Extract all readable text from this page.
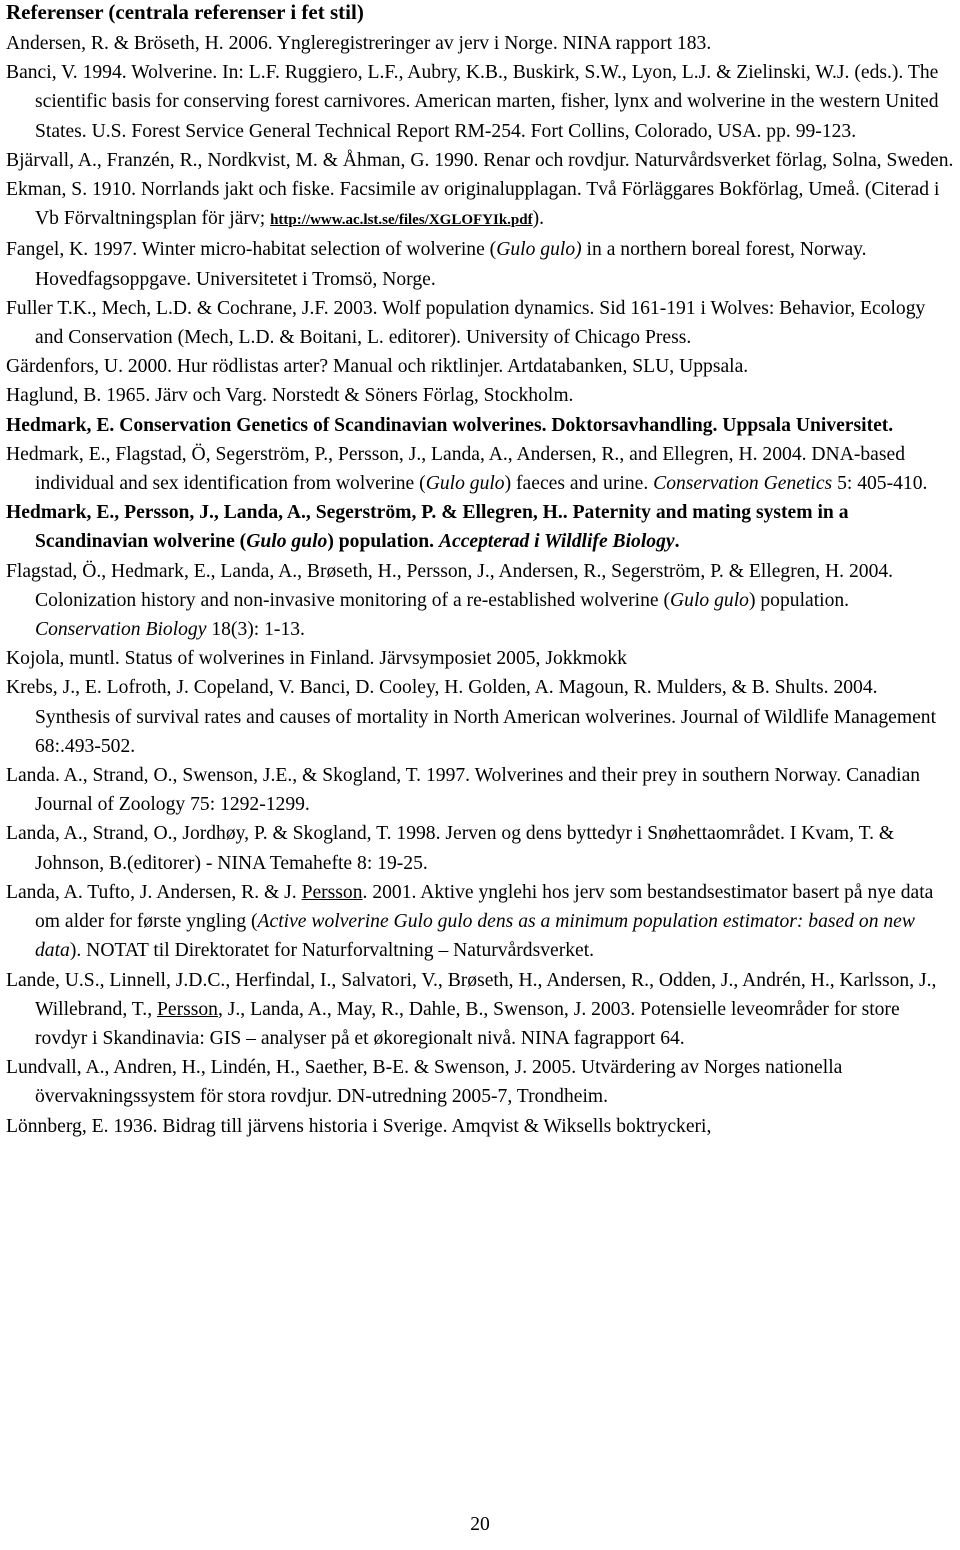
Referenser (centrala referenser i fet stil)

Andersen, R. & Bröseth, H. 2006. Yngleregistreringer av jerv i Norge. NINA rapport 183.

Banci, V. 1994. Wolverine. In: L.F. Ruggiero, L.F., Aubry, K.B., Buskirk, S.W., Lyon, L.J. & Zielinski, W.J. (eds.). The scientific basis for conserving forest carnivores. American marten, fisher, lynx and wolverine in the western United States. U.S. Forest Service General Technical Report RM-254. Fort Collins, Colorado, USA. pp. 99-123.

Bjärvall, A., Franzén, R., Nordkvist, M. & Åhman, G. 1990. Renar och rovdjur. Naturvårdsverket förlag, Solna, Sweden.

Ekman, S. 1910. Norrlands jakt och fiske. Facsimile av originalupplagan. Två Förläggares Bokförlag, Umeå. (Citerad i Vb Förvaltningsplan för järv; http://www.ac.lst.se/files/XGLOFYIk.pdf).

Fangel, K. 1997. Winter micro-habitat selection of wolverine (Gulo gulo) in a northern boreal forest, Norway. Hovedfagsoppgave. Universitetet i Tromsö, Norge.

Fuller T.K., Mech, L.D. & Cochrane, J.F. 2003. Wolf population dynamics. Sid 161-191 i Wolves: Behavior, Ecology and Conservation (Mech, L.D. & Boitani, L. editorer). University of Chicago Press.

Gärdenfors, U. 2000. Hur rödlistas arter? Manual och riktlinjer. Artdatabanken, SLU, Uppsala.

Haglund, B. 1965. Järv och Varg. Norstedt & Söners Förlag, Stockholm.

Hedmark, E. Conservation Genetics of Scandinavian wolverines. Doktorsavhandling. Uppsala Universitet.

Hedmark, E., Flagstad, Ö, Segerström, P., Persson, J., Landa, A., Andersen, R., and Ellegren, H. 2004. DNA-based individual and sex identification from wolverine (Gulo gulo) faeces and urine. Conservation Genetics 5: 405-410.

Hedmark, E., Persson, J., Landa, A., Segerström, P. & Ellegren, H.. Paternity and mating system in a Scandinavian wolverine (Gulo gulo) population. Accepterad i Wildlife Biology.

Flagstad, Ö., Hedmark, E., Landa, A., Brøseth, H., Persson, J., Andersen, R., Segerström, P. & Ellegren, H. 2004. Colonization history and non-invasive monitoring of a re-established wolverine (Gulo gulo) population. Conservation Biology 18(3): 1-13.

Kojola, muntl. Status of wolverines in Finland. Järvsymposiet 2005, Jokkmokk

Krebs, J., E. Lofroth, J. Copeland, V. Banci, D. Cooley, H. Golden, A. Magoun, R. Mulders, & B. Shults. 2004. Synthesis of survival rates and causes of mortality in North American wolverines. Journal of Wildlife Management 68:.493-502.

Landa. A., Strand, O., Swenson, J.E., & Skogland, T. 1997. Wolverines and their prey in southern Norway. Canadian Journal of Zoology 75: 1292-1299.

Landa, A., Strand, O., Jordhøy, P. & Skogland, T. 1998. Jerven og dens byttedyr i Snøhettaområdet. I Kvam, T. & Johnson, B.(editorer) - NINA Temahefte 8: 19-25.

Landa, A. Tufto, J. Andersen, R. & J. Persson. 2001. Aktive ynglehi hos jerv som bestandsestimator basert på nye data om alder for første yngling (Active wolverine Gulo gulo dens as a minimum population estimator: based on new data). NOTAT til Direktoratet for Naturforvaltning – Naturvårdsverket.

Lande, U.S., Linnell, J.D.C., Herfindal, I., Salvatori, V., Brøseth, H., Andersen, R., Odden, J., Andrén, H., Karlsson, J., Willebrand, T., Persson, J., Landa, A., May, R., Dahle, B., Swenson, J. 2003. Potensielle leveområder for store rovdyr i Skandinavia: GIS – analyser på et økoregionalt nivå. NINA fagrapport 64.

Lundvall, A., Andren, H., Lindén, H., Saether, B-E. & Swenson, J. 2005. Utvärdering av Norges nationella övervakningssystem för stora rovdjur. DN-utredning 2005-7, Trondheim.

Lönnberg, E. 1936. Bidrag till järvens historia i Sverige. Amqvist & Wiksells boktryckeri,

20
